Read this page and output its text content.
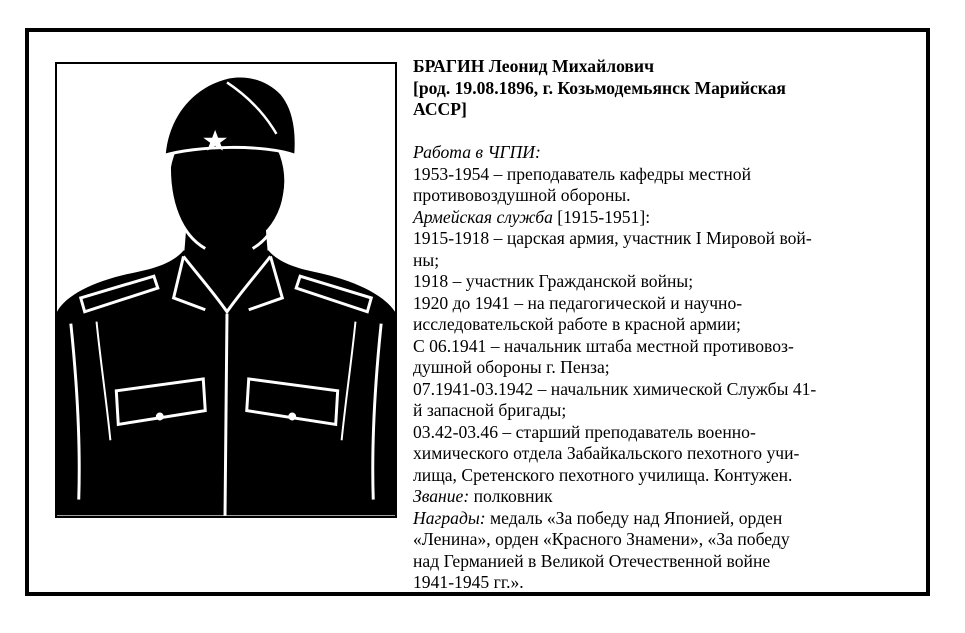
БРАГИН Леонид Михайлович
[род. 19.08.1896, г. Козьмодемьянск Марийская
АССР]
Работа в ЧГПИ:
1953-1954 – преподаватель кафедры местной
противовоздушной обороны.
Армейская служба [1915-1951]:
1915-1918 – царская армия, участник I Мировой вой-
ны;
1918 – участник Гражданской войны;
1920 до 1941 – на педагогической и научно-
исследовательской работе в красной армии;
С 06.1941 – начальник штаба местной противовоз-
душной обороны г. Пенза;
07.1941-03.1942 – начальник химической Службы 41-
й запасной бригады;
03.42-03.46 – старший преподаватель военно-
химического отдела Забайкальского пехотного учи-
лища, Сретенского пехотного училища. Контужен.
Звание: полковник
Награды: медаль «За победу над Японией, орден
«Ленина», орден «Красного Знамени», «За победу
над Германией в Великой Отечественной войне
1941-1945 гг.».
